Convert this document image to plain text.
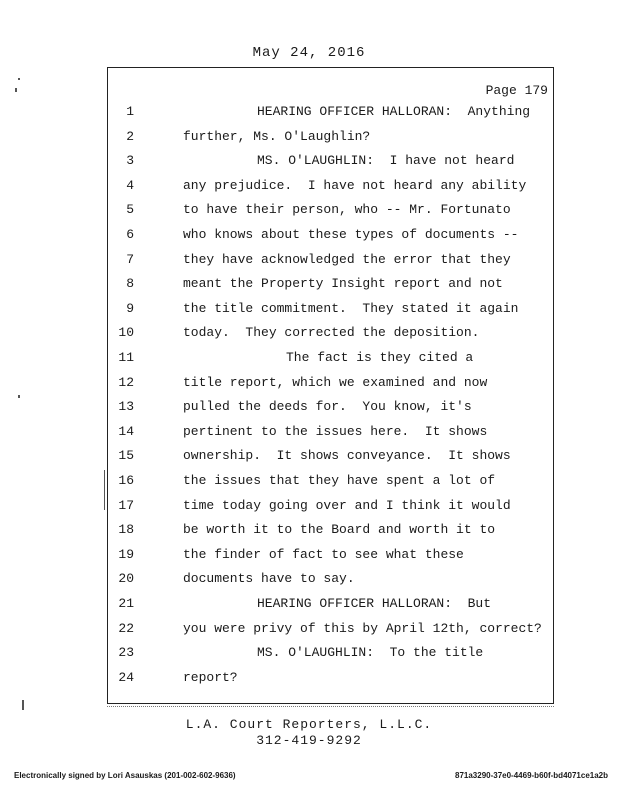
May 24, 2016
Page 179
1	HEARING OFFICER HALLORAN:  Anything
2	further, Ms. O'Laughlin?
3	MS. O'LAUGHLIN:  I have not heard
4	any prejudice.  I have not heard any ability
5	to have their person, who -- Mr. Fortunato
6	who knows about these types of documents --
7	they have acknowledged the error that they
8	meant the Property Insight report and not
9	the title commitment.  They stated it again
10	today.  They corrected the deposition.
11	The fact is they cited a
12	title report, which we examined and now
13	pulled the deeds for.  You know, it's
14	pertinent to the issues here.  It shows
15	ownership.  It shows conveyance.  It shows
16	the issues that they have spent a lot of
17	time today going over and I think it would
18	be worth it to the Board and worth it to
19	the finder of fact to see what these
20	documents have to say.
21	HEARING OFFICER HALLORAN:  But
22	you were privy of this by April 12th, correct?
23	MS. O'LAUGHLIN:  To the title
24	report?
L.A. Court Reporters, L.L.C.
312-419-9292
Electronically signed by Lori Asauskas (201-002-602-9636)	871a3290-37e0-4469-b60f-bd4071ce1a2b
